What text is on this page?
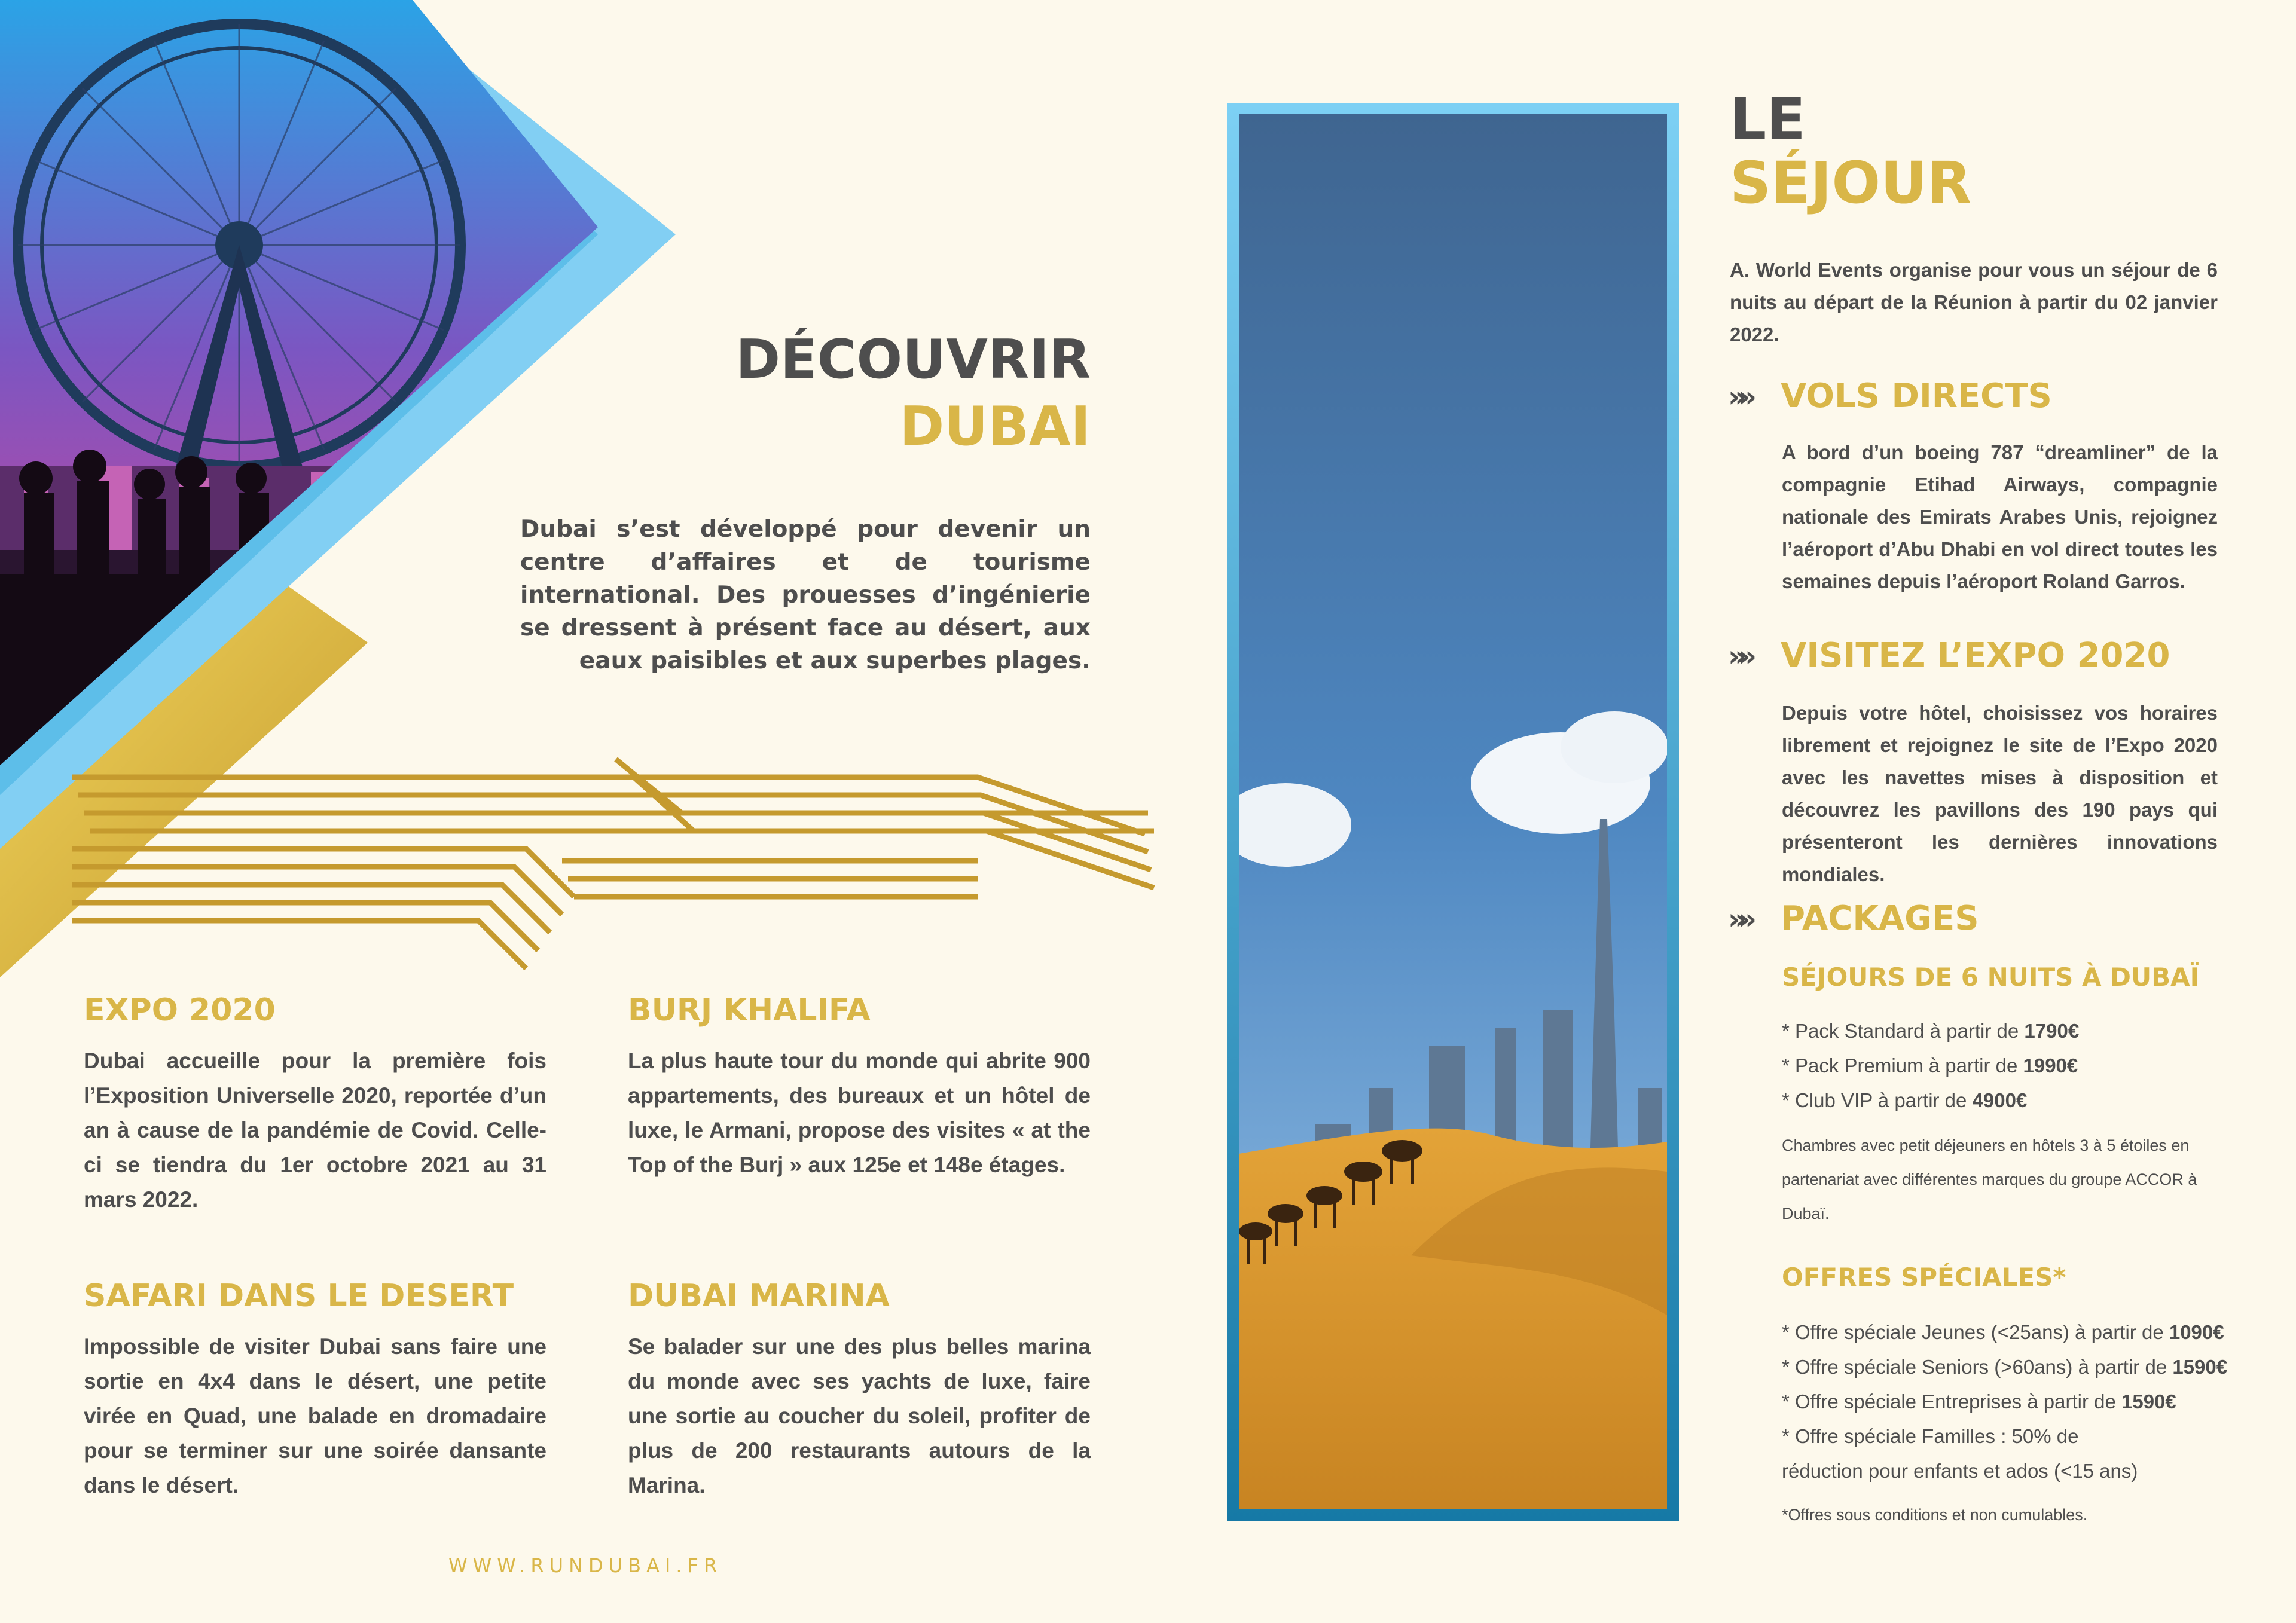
DÉCOUVRIR
DUBAI
Dubai s’est développé pour devenir un centre d’affaires et de tourisme international. Des prouesses d’ingénierie se dressent à présent face au désert, aux eaux paisibles et aux superbes plages.
EXPO 2020
Dubai accueille pour la première fois l’Exposition Universelle 2020, reportée d’un an à cause de la pandémie de Covid. Celle-ci se tiendra du 1er octobre 2021 au 31 mars 2022.
BURJ KHALIFA
La plus haute tour du monde qui abrite 900 appartements, des bureaux et un hôtel de luxe, le Armani, propose des visites « at the Top of the Burj » aux 125e et 148e étages.
SAFARI DANS LE DESERT
Impossible de visiter Dubai sans faire une sortie en 4x4 dans le désert, une petite virée en Quad, une balade en dromadaire pour se terminer sur une soirée dansante dans le désert.
DUBAI MARINA
Se balader sur une des plus belles marina du monde avec ses yachts de luxe, faire une sortie au coucher du soleil, profiter de plus de 200 restaurants autours de la Marina.
WWW.RUNDUBAI.FR
LE
SÉJOUR
A. World Events organise pour vous un séjour de 6 nuits au départ de la Réunion à partir du 02 janvier 2022.
»» VOLS DIRECTS
A bord d’un boeing 787 “dreamliner” de la compagnie Etihad Airways, compagnie nationale des Emirats Arabes Unis, rejoignez l’aéroport d’Abu Dhabi en vol direct toutes les semaines depuis l’aéroport Roland Garros.
»» VISITEZ L’EXPO 2020
Depuis votre hôtel, choisissez vos horaires librement et rejoignez le site de l’Expo 2020 avec les navettes mises à disposition et découvrez les pavillons des 190 pays qui présenteront les dernières innovations mondiales.
»» PACKAGES
SÉJOURS DE 6 NUITS À DUBAÏ
* Pack Standard à partir de 1790€
* Pack Premium à partir de 1990€
* Club VIP à partir de 4900€
Chambres avec petit déjeuners en hôtels 3 à 5 étoiles en partenariat avec différentes marques du groupe ACCOR à Dubaï.
OFFRES SPÉCIALES*
* Offre spéciale Jeunes (<25ans) à partir de 1090€
* Offre spéciale Seniors (>60ans) à partir de 1590€
* Offre spéciale Entreprises à partir de 1590€
* Offre spéciale Familles : 50% de réduction pour enfants et ados (<15 ans)
*Offres sous conditions et non cumulables.
